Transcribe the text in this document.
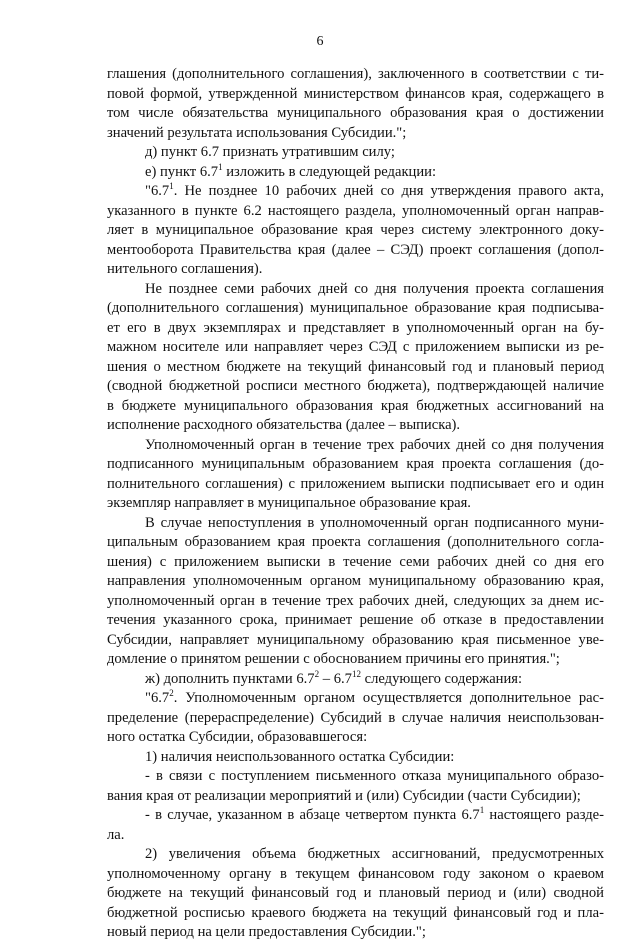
6
глашения (дополнительного соглашения), заключенного в соответствии с ти-
повой формой, утвержденной министерством финансов края, содержащего в
том числе обязательства муниципального образования края о достижении
значений результата использования Субсидии.";
д) пункт 6.7 признать утратившим силу;
е) пункт $6.7^1$ изложить в следующей редакции:
"$6.7^1$. Не позднее 10 рабочих дней со дня утверждения правого акта,
указанного в пункте 6.2 настоящего раздела, уполномоченный орган направ-
ляет в муниципальное образование края через систему электронного доку-
ментооборота Правительства края (далее – СЭД) проект соглашения (допол-
нительного соглашения).
Не позднее семи рабочих дней со дня получения проекта соглашения
(дополнительного соглашения) муниципальное образование края подписыва-
ет его в двух экземплярах и представляет в уполномоченный орган на бу-
мажном носителе или направляет через СЭД с приложением выписки из ре-
шения о местном бюджете на текущий финансовый год и плановый период
(сводной бюджетной росписи местного бюджета), подтверждающей наличие
в бюджете муниципального образования края бюджетных ассигнований на
исполнение расходного обязательства (далее – выписка).
Уполномоченный орган в течение трех рабочих дней со дня получения
подписанного муниципальным образованием края проекта соглашения (до-
полнительного соглашения) с приложением выписки подписывает его и один
экземпляр направляет в муниципальное образование края.
В случае непоступления в уполномоченный орган подписанного муни-
ципальным образованием края проекта соглашения (дополнительного согла-
шения) с приложением выписки в течение семи рабочих дней со дня его
направления уполномоченным органом муниципальному образованию края,
уполномоченный орган в течение трех рабочих дней, следующих за днем ис-
течения указанного срока, принимает решение об отказе в предоставлении
Субсидии, направляет муниципальному образованию края письменное уве-
домление о принятом решении с обоснованием причины его принятия.";
ж) дополнить пунктами $6.7^2 - 6.7^{12}$ следующего содержания:
"$6.7^2$. Уполномоченным органом осуществляется дополнительное рас-
пределение (перераспределение) Субсидий в случае наличия неиспользован-
ного остатка Субсидии, образовавшегося:
1) наличия неиспользованного остатка Субсидии:
- в связи с поступлением письменного отказа муниципального образо-
вания края от реализации мероприятий и (или) Субсидии (части Субсидии);
- в случае, указанном в абзаце четвертом пункта $6.7^1$ настоящего разде-
ла.
2) увеличения объема бюджетных ассигнований, предусмотренных
уполномоченному органу в текущем финансовом году законом о краевом
бюджете на текущий финансовый год и плановый период и (или) сводной
бюджетной росписью краевого бюджета на текущий финансовый год и пла-
новый период на цели предоставления Субсидии.";
